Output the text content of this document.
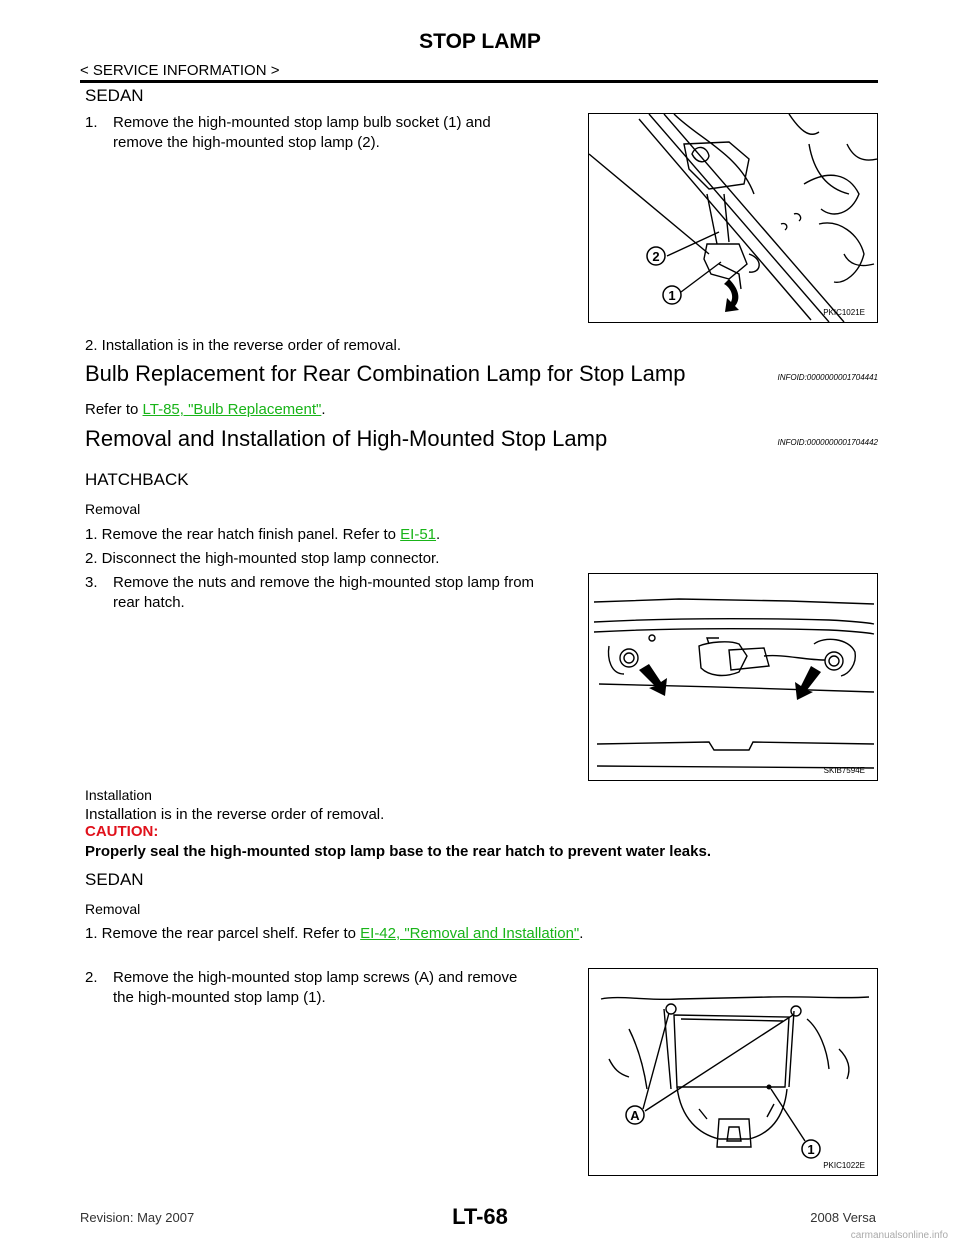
STOP LAMP
< SERVICE INFORMATION >
SEDAN
1. Remove the high-mounted stop lamp bulb socket (1) and
remove the high-mounted stop lamp (2).
2
1
PKIC1021E
2. Installation is in the reverse order of removal.
Bulb Replacement for Rear Combination Lamp for Stop Lamp	INFOID:0000000001704441
Refer to LT-85, "Bulb Replacement".
Removal and Installation of High-Mounted Stop Lamp	INFOID:0000000001704442
HATCHBACK
Removal
1. Remove the rear hatch finish panel. Refer to EI-51.
2. Disconnect the high-mounted stop lamp connector.
3. Remove the nuts and remove the high-mounted stop lamp from
rear hatch.
SKIB7594E
Installation
Installation is in the reverse order of removal.
CAUTION:
Properly seal the high-mounted stop lamp base to the rear hatch to prevent water leaks.
SEDAN
Removal
1. Remove the rear parcel shelf. Refer to EI-42, "Removal and Installation".
2. Remove the high-mounted stop lamp screws (A) and remove
the high-mounted stop lamp (1).
A
1
PKIC1022E
Revision: May 2007	LT-68	2008 Versa
carmanualsonline.info
